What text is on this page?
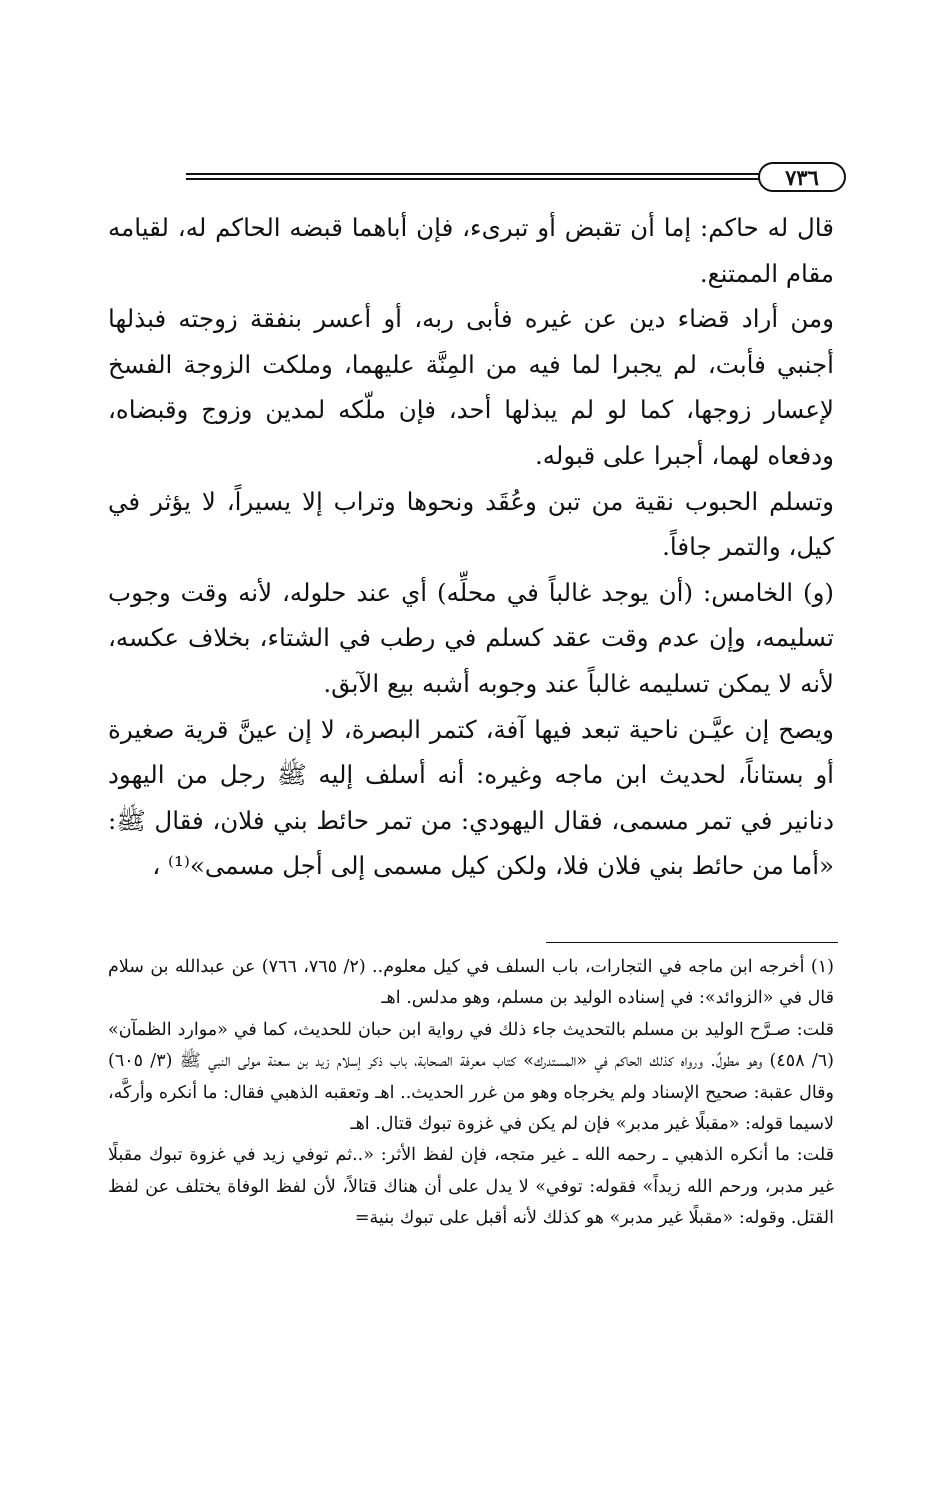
٧٣٦

قال له حاكم: إما أن تقبض أو تبرىء، فإن أباهما قبضه الحاكم له، لقيامه مقام الممتنع.

ومن أراد قضاء دين عن غيره فأبى ربه، أو أعسر بنفقة زوجته فبذلها أجنبي فأبت، لم يجبرا لما فيه من المِنَّة عليهما، وملكت الزوجة الفسخ لإعسار زوجها، كما لو لم يبذلها أحد، فإن ملّكه لمدين وزوج وقبضاه، ودفعاه لهما، أجبرا على قبوله.

وتسلم الحبوب نقية من تبن وعُقَد ونحوها وتراب إلا يسيراً، لا يؤثر في كيل، والتمر جافاً.

(و) الخامس: (أن يوجد غالباً في محلِّه) أي عند حلوله، لأنه وقت وجوب تسليمه، وإن عدم وقت عقد كسلم في رطب في الشتاء، بخلاف عكسه، لأنه لا يمكن تسليمه غالباً عند وجوبه أشبه بيع الآبق.

ويصح إن عيَّـن ناحية تبعد فيها آفة، كتمر البصرة، لا إن عينَّ قرية صغيرة أو بستاناً، لحديث ابن ماجه وغيره: أنه أسلف إليه ﷺ رجل من اليهود دنانير في تمر مسمى، فقال اليهودي: من تمر حائط بني فلان، فقال ﷺ: «أما من حائط بني فلان فلا، ولكن كيل مسمى إلى أجل مسمى»⁽¹⁾ ،

(١) أخرجه ابن ماجه في التجارات، باب السلف في كيل معلوم.. (٢/ ٧٦٥، ٧٦٦) عن عبدالله بن سلام قال في «الزوائد»: في إسناده الوليد بن مسلم، وهو مدلس. اهـ

قلت: صـرَّح الوليد بن مسلم بالتحديث جاء ذلك في رواية ابن حبان للحديث، كما في «موارد الظمآن» (٦/ ٤٥٨) وهو مطولٌ. ورواه كذلك الحاكم في «المستدرك» كتاب معرفة الصحابة، باب ذكر إسلام زيد بن سعنة مولى النبي ﷺ (٣/ ٦٠٥) وقال عقبة: صحيح الإسناد ولم يخرجاه وهو من غرر الحديث.. اهـ وتعقبه الذهبي فقال: ما أنكره وأركَّه، لاسيما قوله: «مقبلًا غير مدبر» فإن لم يكن في غزوة تبوك قتال. اهـ

قلت: ما أنكره الذهبي ـ رحمه الله ـ غير متجه، فإن لفظ الأثر: «..ثم توفي زيد في غزوة تبوك مقبلًا غير مدبر، ورحم الله زيداً» فقوله: توفي» لا يدل على أن هناك قتالاً، لأن لفظ الوفاة يختلف عن لفظ القتل. وقوله: «مقبلًا غير مدبر» هو كذلك لأنه أقبل على تبوك بنية=
